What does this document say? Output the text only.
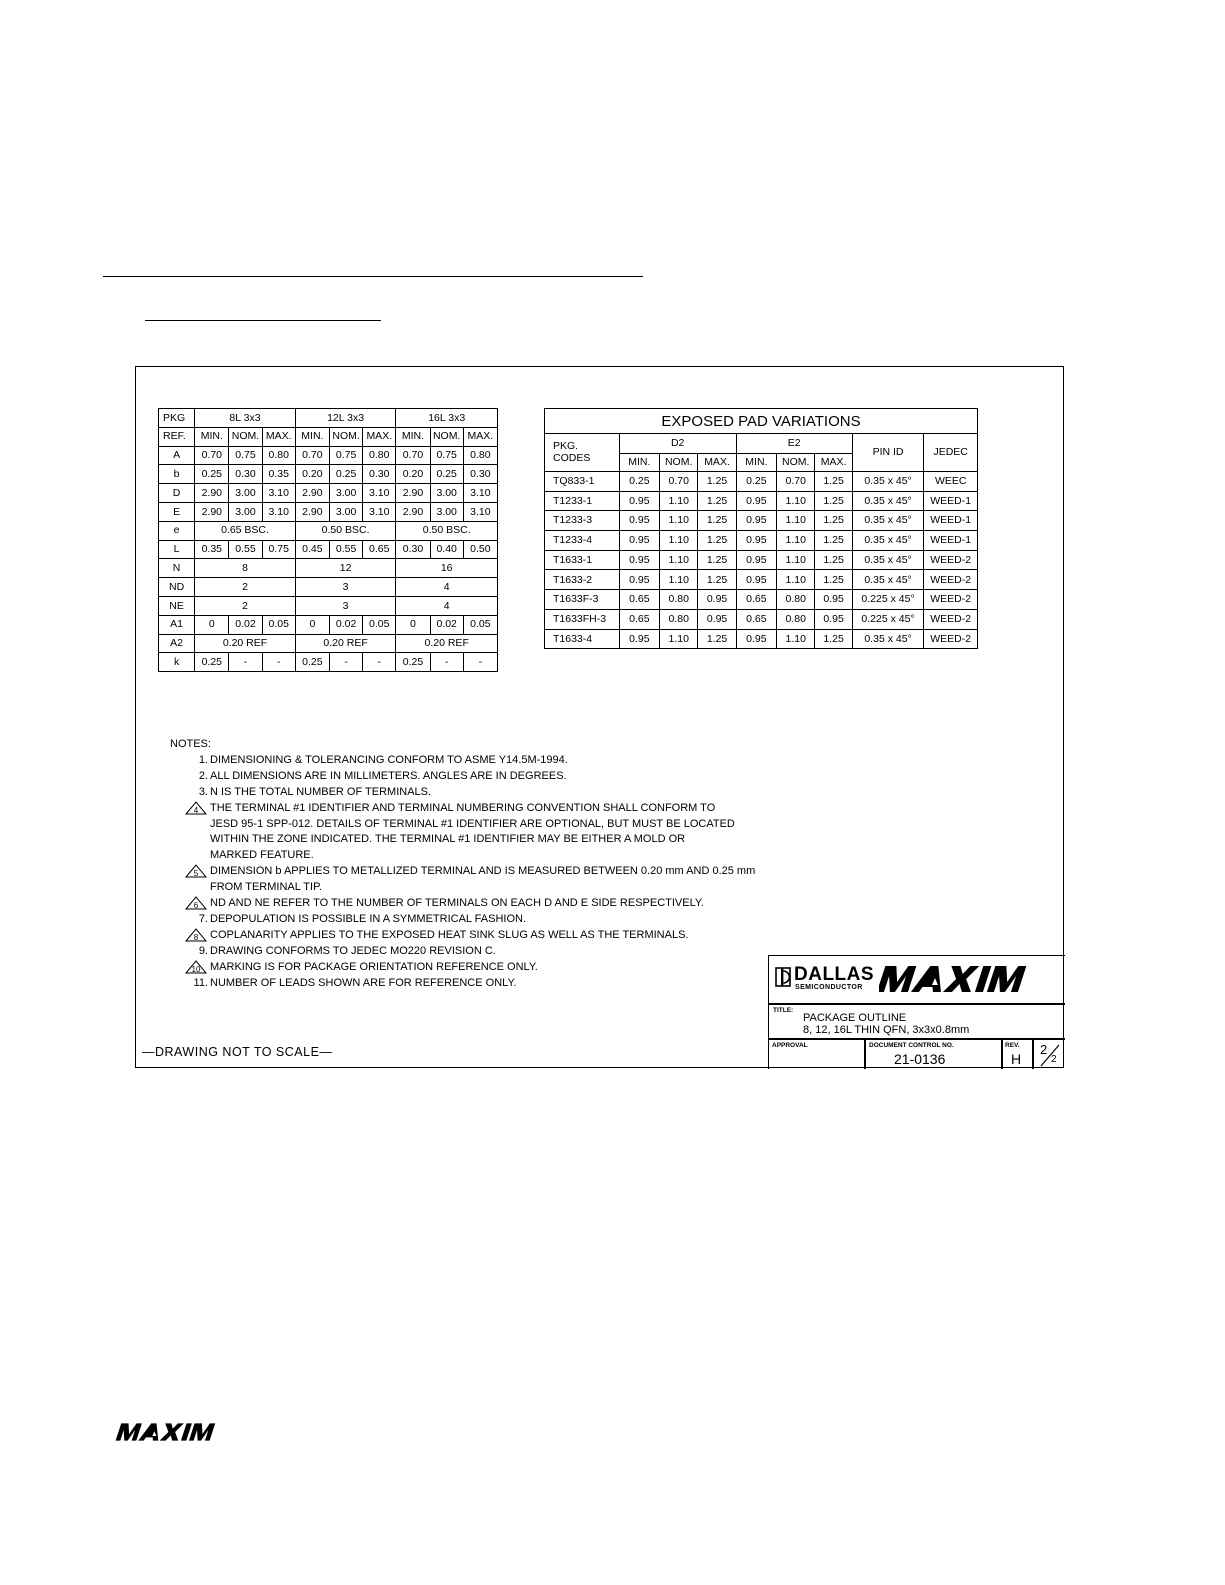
PKG	8L 3x3			12L 3x3			16L 3x3		
REF.	MIN.	NOM.	MAX.	MIN.	NOM.	MAX.	MIN.	NOM.	MAX.
A	0.70	0.75	0.80	0.70	0.75	0.80	0.70	0.75	0.80
b	0.25	0.30	0.35	0.20	0.25	0.30	0.20	0.25	0.30
D	2.90	3.00	3.10	2.90	3.00	3.10	2.90	3.00	3.10
E	2.90	3.00	3.10	2.90	3.00	3.10	2.90	3.00	3.10
e	0.65 BSC.			0.50 BSC.			0.50 BSC.		
L	0.35	0.55	0.75	0.45	0.55	0.65	0.30	0.40	0.50
N	8			12			16		
ND	2			3			4		
NE	2			3			4		
A1	0	0.02	0.05	0	0.02	0.05	0	0.02	0.05
A2	0.20 REF			0.20 REF			0.20 REF		
k	0.25	-	-	0.25	-	-	0.25	-	-
EXPOSED PAD VARIATIONS								
PKG.
CODES	D2			E2			PIN ID	JEDEC
	MIN.	NOM.	MAX.	MIN.	NOM.	MAX.		
TQ833-1	0.25	0.70	1.25	0.25	0.70	1.25	0.35 x 45°	WEEC
T1233-1	0.95	1.10	1.25	0.95	1.10	1.25	0.35 x 45°	WEED-1
T1233-3	0.95	1.10	1.25	0.95	1.10	1.25	0.35 x 45°	WEED-1
T1233-4	0.95	1.10	1.25	0.95	1.10	1.25	0.35 x 45°	WEED-1
T1633-1	0.95	1.10	1.25	0.95	1.10	1.25	0.35 x 45°	WEED-2
T1633-2	0.95	1.10	1.25	0.95	1.10	1.25	0.35 x 45°	WEED-2
T1633F-3	0.65	0.80	0.95	0.65	0.80	0.95	0.225 x 45°	WEED-2
T1633FH-3	0.65	0.80	0.95	0.65	0.80	0.95	0.225 x 45°	WEED-2
T1633-4	0.95	1.10	1.25	0.95	1.10	1.25	0.35 x 45°	WEED-2
NOTES:
1. DIMENSIONING & TOLERANCING CONFORM TO ASME Y14.5M-1994.
2. ALL DIMENSIONS ARE IN MILLIMETERS. ANGLES ARE IN DEGREES.
3. N IS THE TOTAL NUMBER OF TERMINALS.
4 THE TERMINAL #1 IDENTIFIER AND TERMINAL NUMBERING CONVENTION SHALL CONFORM TO
JESD 95-1 SPP-012. DETAILS OF TERMINAL #1 IDENTIFIER ARE OPTIONAL, BUT MUST BE LOCATED
WITHIN THE ZONE INDICATED. THE TERMINAL #1 IDENTIFIER MAY BE EITHER A MOLD OR
MARKED FEATURE.
5 DIMENSION b APPLIES TO METALLIZED TERMINAL AND IS MEASURED BETWEEN 0.20 mm AND 0.25 mm
FROM TERMINAL TIP.
6 ND AND NE REFER TO THE NUMBER OF TERMINALS ON EACH D AND E SIDE RESPECTIVELY.
7. DEPOPULATION IS POSSIBLE IN A SYMMETRICAL FASHION.
8 COPLANARITY APPLIES TO THE EXPOSED HEAT SINK SLUG AS WELL AS THE TERMINALS.
9. DRAWING CONFORMS TO JEDEC MO220 REVISION C.
10 MARKING IS FOR PACKAGE ORIENTATION REFERENCE ONLY.
11. NUMBER OF LEADS SHOWN ARE FOR REFERENCE ONLY.
—DRAWING NOT TO SCALE—
DALLAS
SEMICONDUCTOR
TITLE:
PACKAGE OUTLINE
8, 12, 16L THIN QFN, 3x3x0.8mm
APPROVAL	DOCUMENT CONTROL NO.
21-0136
REV.
H
2
2
